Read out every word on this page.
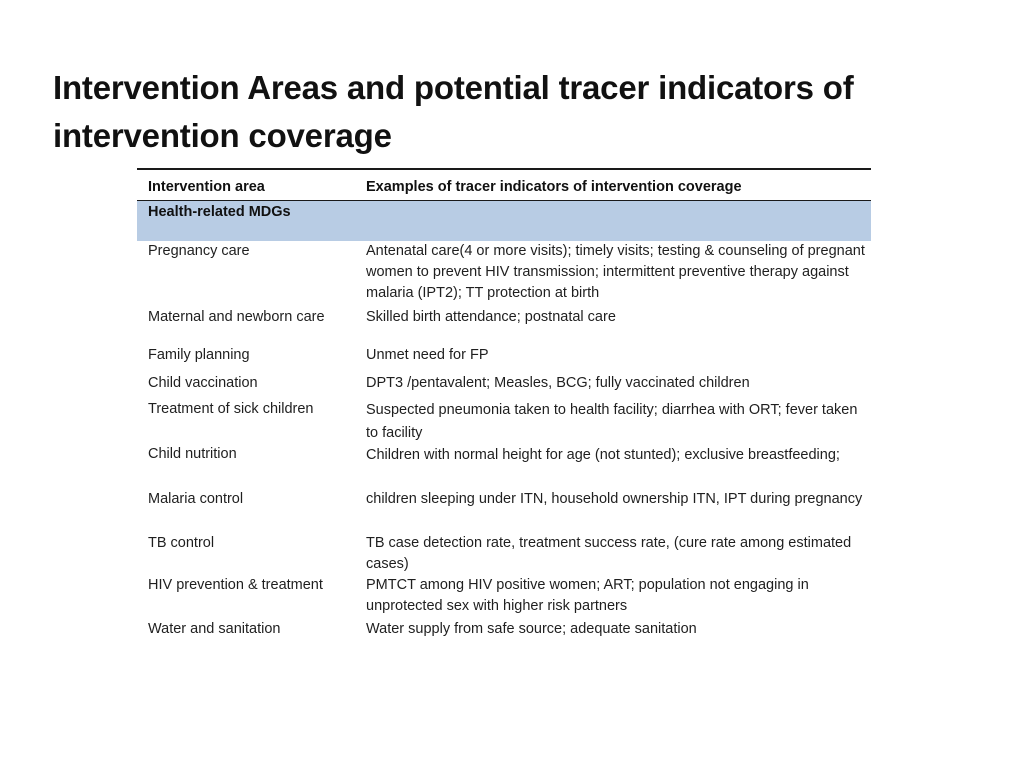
Intervention Areas and potential tracer indicators of intervention coverage
Intervention area	Examples of tracer indicators of intervention coverage
Health-related MDGs	
Pregnancy care	Antenatal care(4 or more visits); timely visits; testing & counseling of pregnant women to prevent HIV transmission; intermittent preventive therapy against malaria (IPT2); TT protection at birth
Maternal and newborn care	Skilled birth attendance; postnatal care
Family planning	Unmet need for FP
Child vaccination	DPT3 /pentavalent; Measles, BCG; fully vaccinated children
Treatment of sick children	Suspected pneumonia taken to health facility; diarrhea with ORT; fever taken to facility
Child nutrition	Children with normal height for age (not stunted); exclusive breastfeeding;
Malaria control	children sleeping under ITN, household ownership ITN, IPT during pregnancy
TB control	TB case detection rate, treatment success rate, (cure rate among estimated cases)
HIV prevention & treatment	PMTCT among HIV positive women; ART; population not engaging in unprotected sex with higher risk partners
Water and sanitation	Water supply from safe source; adequate sanitation
